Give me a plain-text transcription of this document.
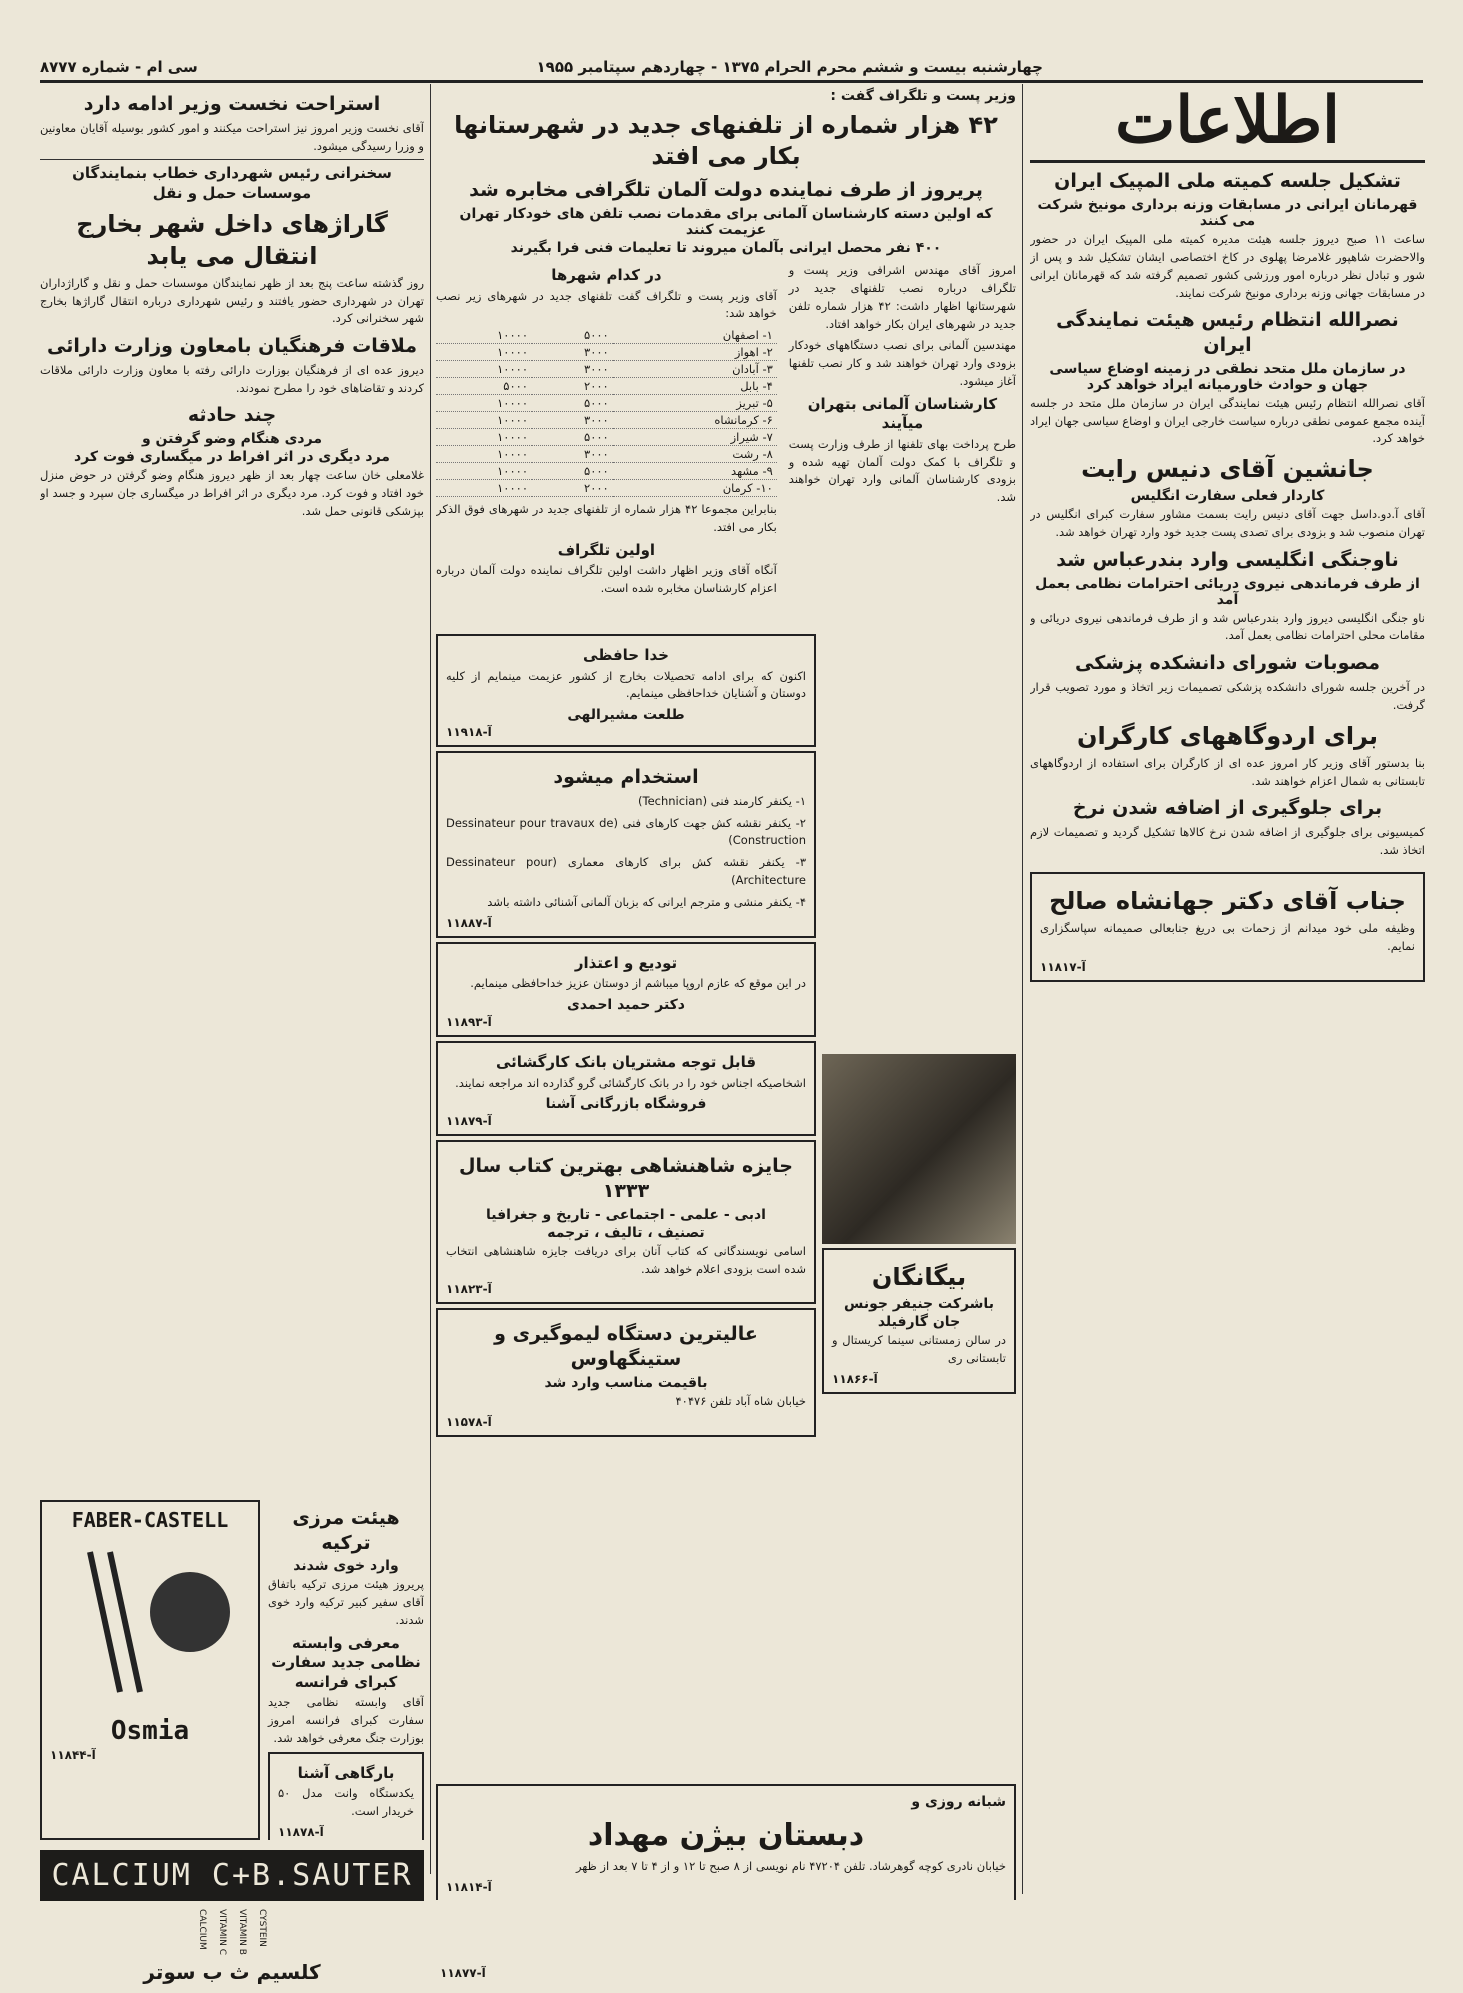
چهارشنبه بیست و ششم محرم الحرام ۱۳۷۵ - چهاردهم سپتامبر ۱۹۵۵
سی ام - شماره ۸۷۷۷
اطلاعات
تشکیل جلسه کمیته ملی المپیک ایران
قهرمانان ایرانی در مسابقات وزنه برداری مونیخ شرکت می کنند

ساعت ۱۱ صبح دیروز جلسه هیئت مدیره کمیته ملی المپیک ایران در حضور والاحضرت شاهپور غلامرضا پهلوی در کاخ اختصاصی ایشان تشکیل شد و پس از شور و تبادل نظر درباره امور ورزشی کشور تصمیم گرفته شد که قهرمانان ایرانی در مسابقات جهانی وزنه برداری مونیخ شرکت نمایند.

نصرالله انتظام رئیس هیئت نمایندگی ایران
در سازمان ملل متحد نطقی در زمینه اوضاع سیاسی جهان و حوادث خاورمیانه ایراد خواهد کرد

آقای نصرالله انتظام رئیس هیئت نمایندگی ایران در سازمان ملل متحد در جلسه آینده مجمع عمومی نطقی درباره سیاست خارجی ایران و اوضاع سیاسی جهان ایراد خواهد کرد.

جانشین آقای دنیس رایت
کاردار فعلی سفارت انگلیس

آقای آ.دو.داسل جهت آقای دنیس رایت بسمت مشاور سفارت کبرای انگلیس در تهران منصوب شد و بزودی برای تصدی پست جدید خود وارد تهران خواهد شد.

ناوجنگی انگلیسی وارد بندرعباس شد
از طرف فرماندهی نیروی دریائی احترامات نظامی بعمل آمد

ناو جنگی انگلیسی دیروز وارد بندرعباس شد و از طرف فرماندهی نیروی دریائی و مقامات محلی احترامات نظامی بعمل آمد.

مصوبات شورای دانشکده پزشکی

در آخرین جلسه شورای دانشکده پزشکی تصمیمات زیر اتخاذ و مورد تصویب قرار گرفت.

برای اردوگاههای کارگران

بنا بدستور آقای وزیر کار امروز عده ای از کارگران برای استفاده از اردوگاههای تابستانی به شمال اعزام خواهند شد.

برای جلوگیری از اضافه شدن نرخ

کمیسیونی برای جلوگیری از اضافه شدن نرخ کالاها تشکیل گردید و تصمیمات لازم اتخاذ شد.

جناب آقای دکتر جهانشاه صالح

وظیفه ملی خود میدانم از زحمات بی دریغ جنابعالی صمیمانه سپاسگزاری نمایم.

آ-۱۱۸۱۷
وزیر پست و تلگراف گفت :
۴۲ هزار شماره از تلفنهای جدید در شهرستانها بکار می افتد
پریروز از طرف نماینده دولت آلمان تلگرافی مخابره شد
که اولین دسته کارشناسان آلمانی برای مقدمات نصب تلفن های خودکار تهران عزیمت کنند
۴۰۰ نفر محصل ایرانی بآلمان میروند تا تعلیمات فنی فرا بگیرند

امروز آقای مهندس اشرافی وزیر پست و تلگراف درباره نصب تلفنهای جدید در شهرستانها اظهار داشت: ۴۲ هزار شماره تلفن جدید در شهرهای ایران بکار خواهد افتاد.

مهندسین آلمانی برای نصب دستگاههای خودکار بزودی وارد تهران خواهند شد و کار نصب تلفنها آغاز میشود.

کارشناسان آلمانی بتهران میآیند

طرح پرداخت بهای تلفنها از طرف وزارت پست و تلگراف با کمک دولت آلمان تهیه شده و بزودی کارشناسان آلمانی وارد تهران خواهند شد.

در کدام شهرها

آقای وزیر پست و تلگراف گفت تلفنهای جدید در شهرهای زیر نصب خواهد شد:

۱- اصفهان	۵۰۰۰	۱۰۰۰۰
۲- اهواز	۳۰۰۰	۱۰۰۰۰
۳- آبادان	۳۰۰۰	۱۰۰۰۰
۴- بابل	۲۰۰۰	۵۰۰۰
۵- تبریز	۵۰۰۰	۱۰۰۰۰
۶- کرمانشاه	۳۰۰۰	۱۰۰۰۰
۷- شیراز	۵۰۰۰	۱۰۰۰۰
۸- رشت	۳۰۰۰	۱۰۰۰۰
۹- مشهد	۵۰۰۰	۱۰۰۰۰
۱۰- کرمان	۲۰۰۰	۱۰۰۰۰

بنابراین مجموعا ۴۲ هزار شماره از تلفنهای جدید در شهرهای فوق الذکر بکار می افتد.

اولین تلگراف

آنگاه آقای وزیر اظهار داشت اولین تلگراف نماینده دولت آلمان درباره اعزام کارشناسان مخابره شده است.

خدا حافظی

اکنون که برای ادامه تحصیلات بخارج از کشور عزیمت مینمایم از کلیه دوستان و آشنایان خداحافظی مینمایم.

طلعت مشیرالهی
آ-۱۱۹۱۸
استخدام میشود

۱- یکنفر کارمند فنی (Technician)

۲- یکنفر نقشه کش جهت کارهای فنی (Dessinateur pour travaux de Construction)

۳- یکنفر نقشه کش برای کارهای معماری (Dessinateur pour Architecture)

۴- یکنفر منشی و مترجم ایرانی که بزبان آلمانی آشنائی داشته باشد

آ-۱۱۸۸۷
تودیع و اعتذار

در این موقع که عازم اروپا میباشم از دوستان عزیز خداحافظی مینمایم.

دکتر حمید احمدی
آ-۱۱۸۹۳
قابل توجه مشتریان بانک کارگشائی

اشخاصیکه اجناس خود را در بانک کارگشائی گرو گذارده اند مراجعه نمایند.

فروشگاه بازرگانی آشنا
آ-۱۱۸۷۹
جایزه شاهنشاهی بهترین کتاب سال ۱۳۳۳
ادبی - علمی - اجتماعی - تاریخ و جغرافیا
تصنیف ، تالیف ، ترجمه

اسامی نویسندگانی که کتاب آنان برای دریافت جایزه شاهنشاهی انتخاب شده است بزودی اعلام خواهد شد.

آ-۱۱۸۲۳
عالیترین دستگاه لیموگیری و ستینگهاوس
باقیمت مناسب وارد شد

خیابان شاه آباد تلفن ۴۰۴۷۶

آ-۱۱۵۷۸
بیگانگان
باشرکت جنیفر جونس
جان گارفیلد

در سالن زمستانی سینما کریستال و تابستانی ری

آ-۱۱۸۶۶
استراحت نخست وزیر ادامه دارد

آقای نخست وزیر امروز نیز استراحت میکنند و امور کشور بوسیله آقایان معاونین و وزرا رسیدگی میشود.

سخنرانی رئیس شهرداری خطاب بنمایندگان موسسات حمل و نقل
گاراژهای داخل شهر بخارج انتقال می یابد

روز گذشته ساعت پنج بعد از ظهر نمایندگان موسسات حمل و نقل و گاراژداران تهران در شهرداری حضور یافتند و رئیس شهرداری درباره انتقال گاراژها بخارج شهر سخنرانی کرد.

ملاقات فرهنگیان بامعاون وزارت دارائی

دیروز عده ای از فرهنگیان بوزارت دارائی رفته با معاون وزارت دارائی ملاقات کردند و تقاضاهای خود را مطرح نمودند.

چند حادثه
مردی هنگام وضو گرفتن و
مرد دیگری در اثر افراط در میگساری فوت کرد

غلامعلی خان ساعت چهار بعد از ظهر دیروز هنگام وضو گرفتن در حوض منزل خود افتاد و فوت کرد. مرد دیگری در اثر افراط در میگساری جان سپرد و جسد او بپزشکی قانونی حمل شد.

هیئت مرزی ترکیه
وارد خوی شدند

پریروز هیئت مرزی ترکیه باتفاق آقای سفیر کبیر ترکیه وارد خوی شدند.

معرفی وابسته نظامی جدید سفارت کبرای فرانسه

آقای وابسته نظامی جدید سفارت کبرای فرانسه امروز بوزارت جنگ معرفی خواهد شد.

بارگاهی آشنا

یکدستگاه وانت مدل ۵۰ خریدار است.

آ-۱۱۸۷۸
FABER-CASTELL
Osmia
آ-۱۱۸۴۴
شبانه روزی و
دبستان بیژن مهداد

خیابان نادری کوچه گوهرشاد. تلفن ۴۷۲۰۴ نام نویسی از ۸ صبح تا ۱۲ و از ۴ تا ۷ بعد از ظهر

آ-۱۱۸۱۴
CALCIUM C+B.SAUTER
CALCIUM VITAMIN C VITAMIN B CYSTEIN
کلسیم ث ب سوتر	آ-۱۱۸۷۷
